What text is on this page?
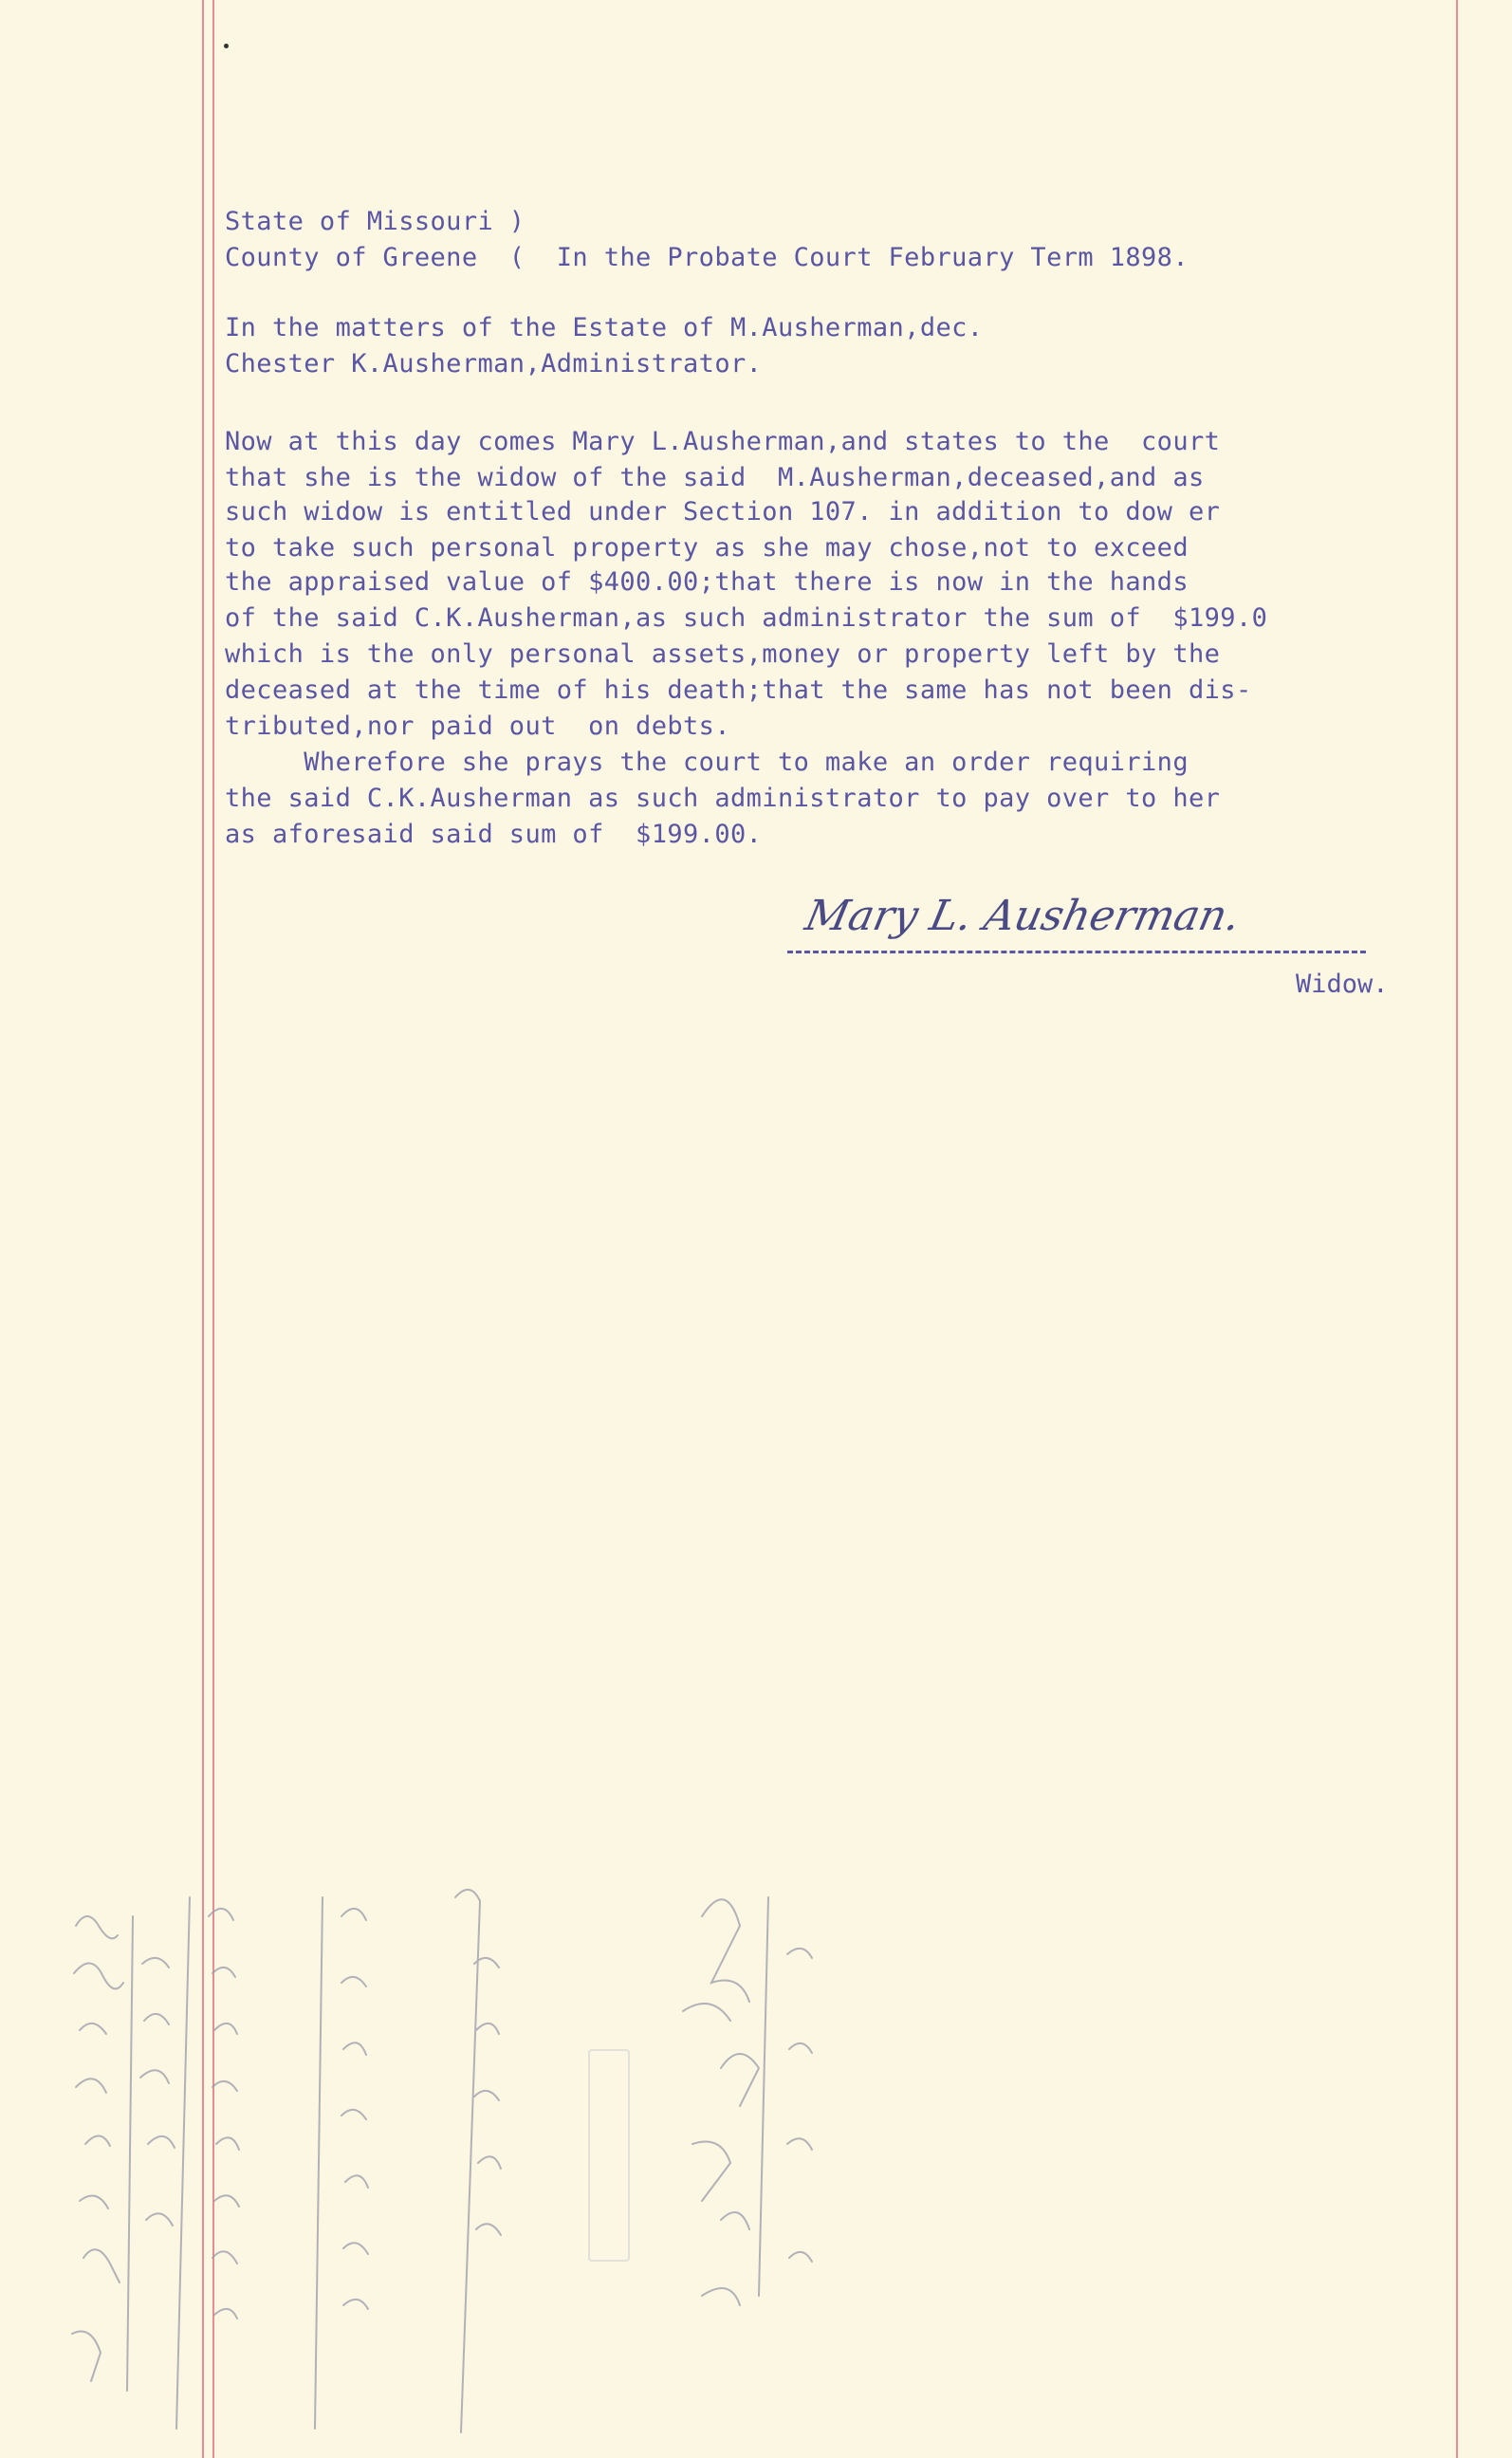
State of Missouri )

County of Greene  (  In the Probate Court February Term 1898.

In the matters of the Estate of M.Ausherman,dec.

Chester K.Ausherman,Administrator.

Now at this day comes Mary L.Ausherman,and states to the  court

that she is the widow of the said  M.Ausherman,deceased,and as

such widow is entitled under Section 107. in addition to dow er

to take such personal property as she may chose,not to exceed

the appraised value of $400.00;that there is now in the hands

of the said C.K.Ausherman,as such administrator the sum of  $199.0

which is the only personal assets,money or property left by the

deceased at the time of his death;that the same has not been dis-

tributed,nor paid out  on debts.

Wherefore she prays the court to make an order requiring

the said C.K.Ausherman as such administrator to pay over to her

as aforesaid said sum of  $199.00.

Mary L. Ausherman.
Widow.
